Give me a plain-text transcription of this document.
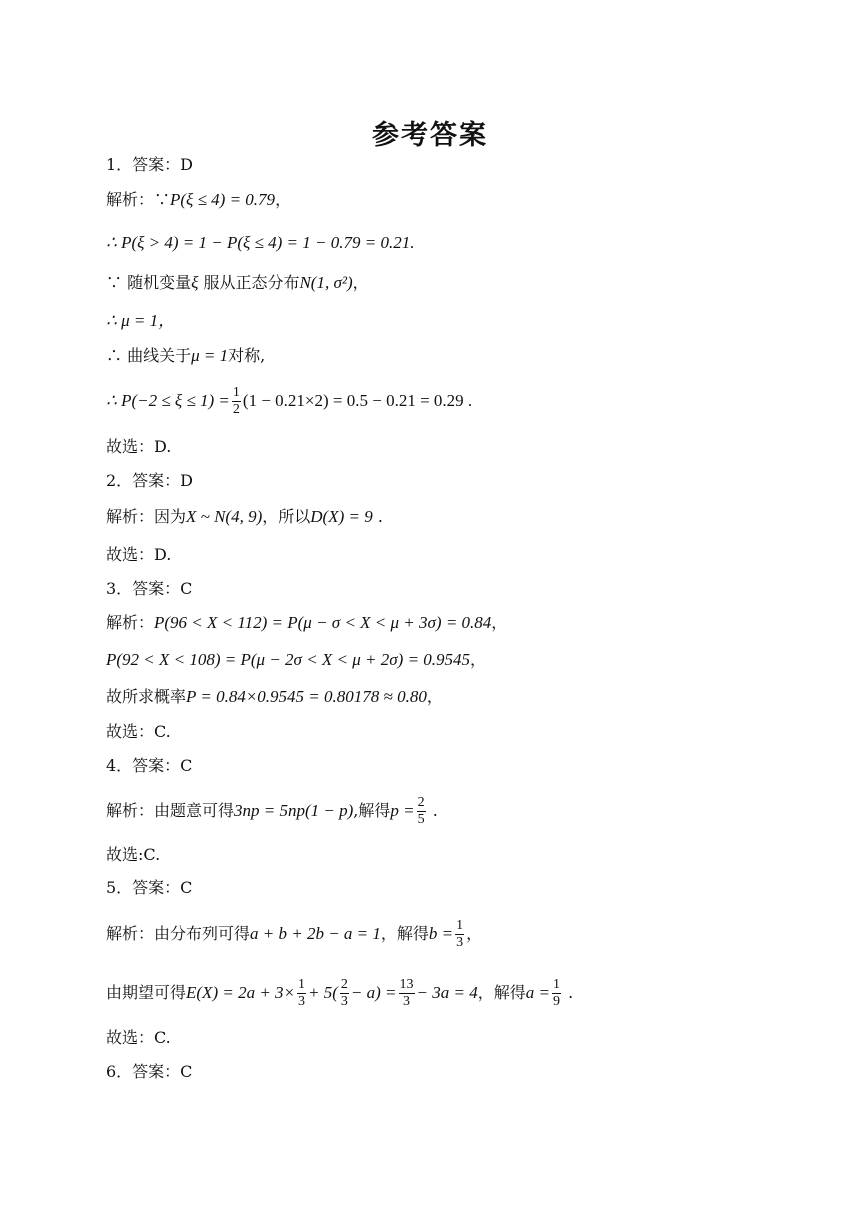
参考答案
1．答案：D
解析：∵P(ξ ≤ 4) = 0.79，
∴ P(ξ > 4) = 1 − P(ξ ≤ 4) = 1 − 0.79 = 0.21.
∵ 随机变量ξ 服从正态分布N(1, σ²)，
∴ μ = 1，
∴ 曲线关于μ = 1对称,
∴ $P(-2 \le \xi \le 1) = \frac{1}{2} (1 - 0.21\times 2) = 0.5 - 0.21 = 0.29$ .
故选：D.
2．答案：D
解析：因为X ~ N(4, 9)，所以D(X) = 9 .
故选：D.
3．答案：C
解析：P(96 < X < 112) = P(μ − σ < X < μ + 3σ) = 0.84，
P(92 < X < 108) = P(μ − 2σ < X < μ + 2σ) = 0.9545，
故所求概率P = 0.84×0.9545 = 0.80178 ≈ 0.80，
故选：C.
4．答案：C
解析：由题意可得3np = 5np(1 − p),解得$p = \frac{2}{5}$ .
故选:C.
5．答案：C
解析：由分布列可得a + b + 2b − a = 1，解得$b = \frac{1}{3}$ ，
由期望可得$E(X) = 2a + 3\times \frac{1}{3} + 5( \frac{2}{3} - a) = \frac{13}{3} - 3a = 4$，解得$a = \frac{1}{9}$ .
故选：C.
6．答案：C
